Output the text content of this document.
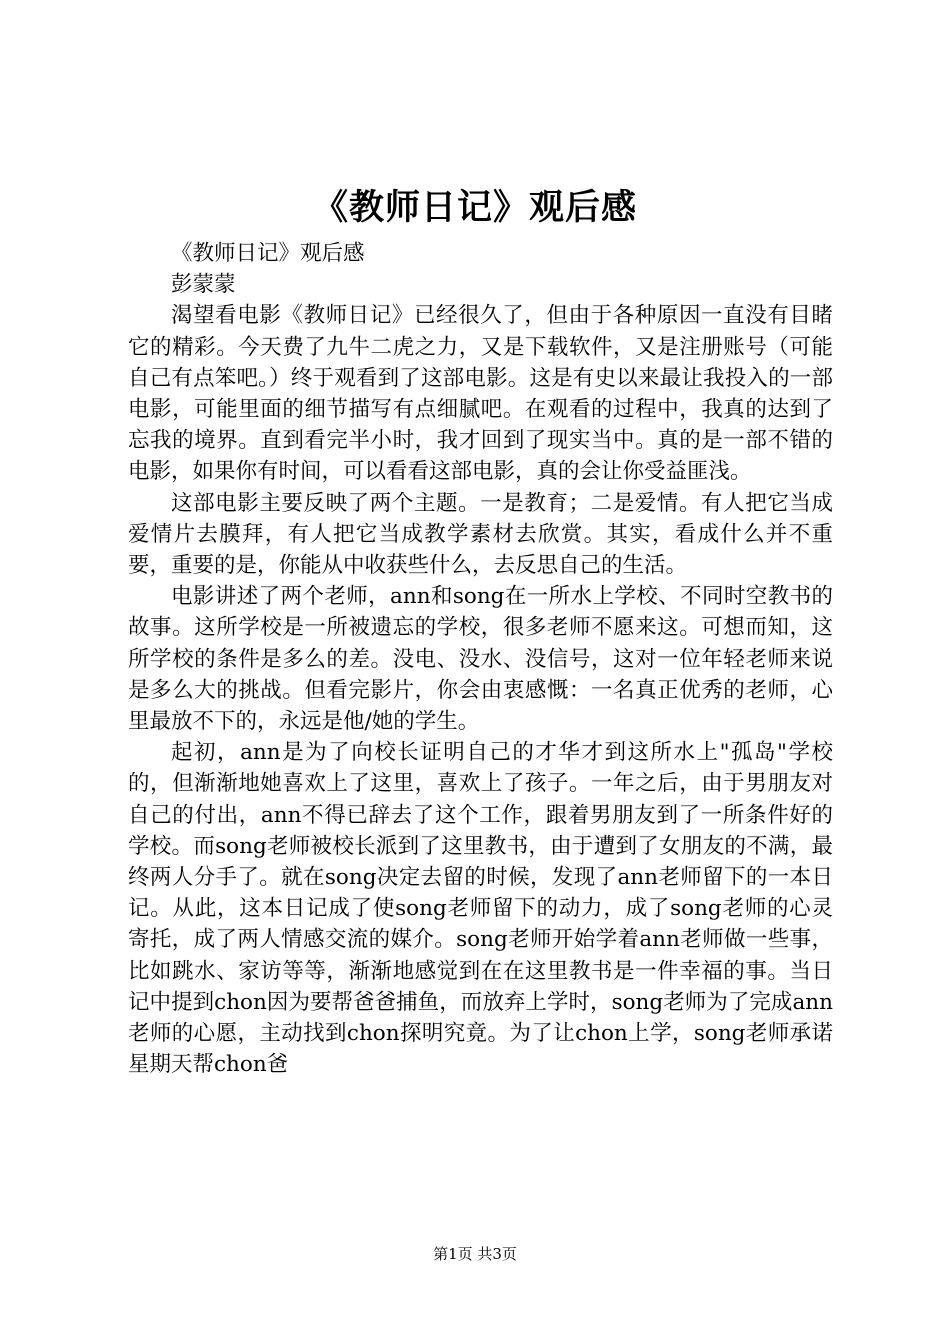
《教师日记》观后感

《教师日记》观后感

彭蒙蒙

渴望看电影《教师日记》已经很久了，但由于各种原因一直没有目睹它的精彩。今天费了九牛二虎之力，又是下载软件，又是注册账号（可能自己有点笨吧。）终于观看到了这部电影。这是有史以来最让我投入的一部电影，可能里面的细节描写有点细腻吧。在观看的过程中，我真的达到了忘我的境界。直到看完半小时，我才回到了现实当中。真的是一部不错的电影，如果你有时间，可以看看这部电影，真的会让你受益匪浅。

这部电影主要反映了两个主题。一是教育；二是爱情。有人把它当成爱情片去膜拜，有人把它当成教学素材去欣赏。其实，看成什么并不重要，重要的是，你能从中收获些什么，去反思自己的生活。

电影讲述了两个老师，ann和song在一所水上学校、不同时空教书的故事。这所学校是一所被遗忘的学校，很多老师不愿来这。可想而知，这所学校的条件是多么的差。没电、没水、没信号，这对一位年轻老师来说是多么大的挑战。但看完影片，你会由衷感慨：一名真正优秀的老师，心里最放不下的，永远是他/她的学生。

起初，ann是为了向校长证明自己的才华才到这所水上"孤岛"学校的，但渐渐地她喜欢上了这里，喜欢上了孩子。一年之后，由于男朋友对自己的付出，ann不得已辞去了这个工作，跟着男朋友到了一所条件好的学校。而song老师被校长派到了这里教书，由于遭到了女朋友的不满，最终两人分手了。就在song决定去留的时候，发现了ann老师留下的一本日记。从此，这本日记成了使song老师留下的动力，成了song老师的心灵寄托，成了两人情感交流的媒介。song老师开始学着ann老师做一些事，比如跳水、家访等等，渐渐地感觉到在在这里教书是一件幸福的事。当日记中提到chon因为要帮爸爸捕鱼，而放弃上学时，song老师为了完成ann老师的心愿，主动找到chon探明究竟。为了让chon上学，song老师承诺星期天帮chon爸

第1页 共3页
